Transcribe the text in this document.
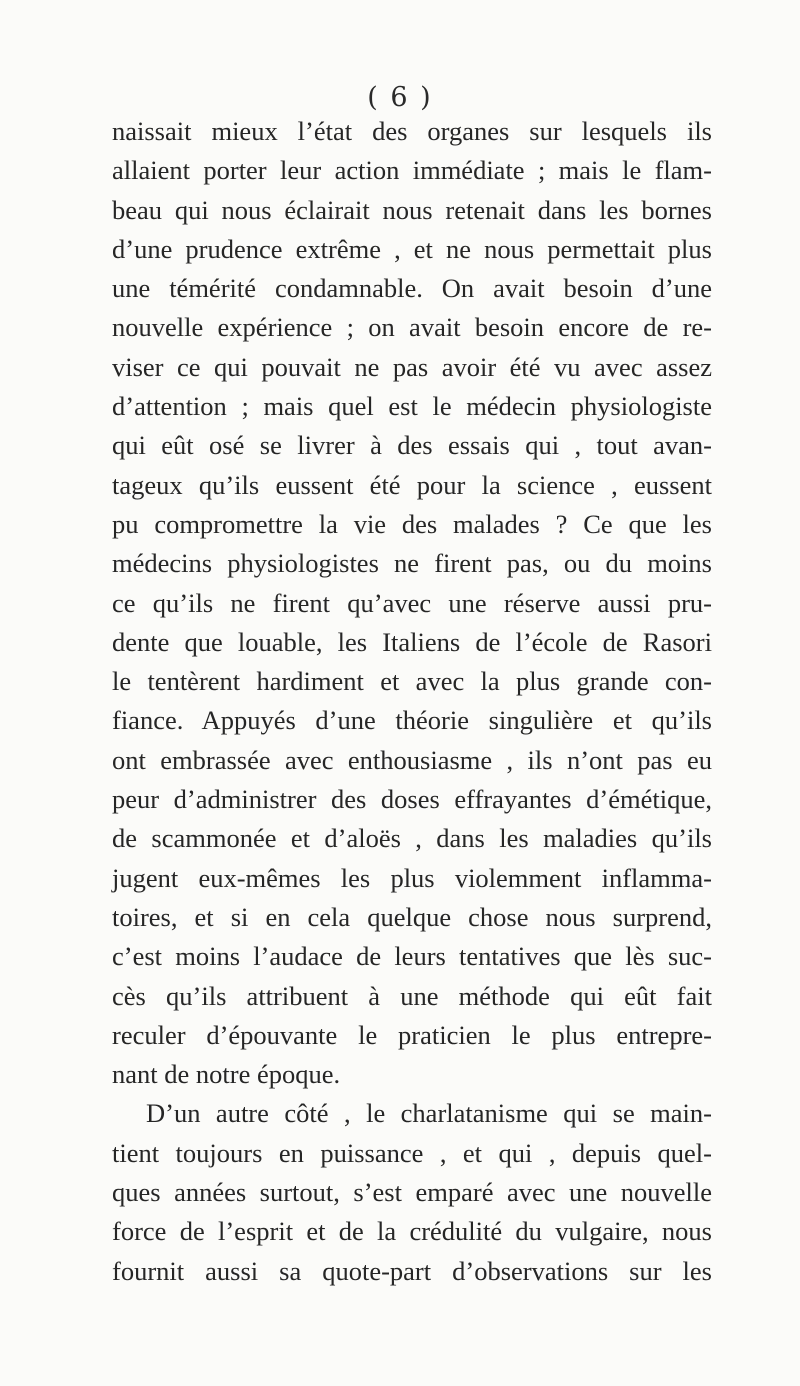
( 6 )
naissait mieux l’état des organes sur lesquels ils
allaient porter leur action immédiate ; mais le flam-
beau qui nous éclairait nous retenait dans les bornes
d’une prudence extrême , et ne nous permettait plus
une témérité condamnable. On avait besoin d’une
nouvelle expérience ; on avait besoin encore de re-
viser ce qui pouvait ne pas avoir été vu avec assez
d’attention ; mais quel est le médecin physiologiste
qui eût osé se livrer à des essais qui , tout avan-
tageux qu’ils eussent été pour la science , eussent
pu compromettre la vie des malades ? Ce que les
médecins physiologistes ne firent pas, ou du moins
ce qu’ils ne firent qu’avec une réserve aussi pru-
dente que louable, les Italiens de l’école de Rasori
le tentèrent hardiment et avec la plus grande con-
fiance. Appuyés d’une théorie singulière et qu’ils
ont embrassée avec enthousiasme , ils n’ont pas eu
peur d’administrer des doses effrayantes d’émétique,
de scammonée et d’aloës , dans les maladies qu’ils
jugent eux-mêmes les plus violemment inflamma-
toires, et si en cela quelque chose nous surprend,
c’est moins l’audace de leurs tentatives que lès suc-
cès qu’ils attribuent à une méthode qui eût fait
reculer d’épouvante le praticien le plus entrepre-
nant de notre époque.
D’un autre côté , le charlatanisme qui se main-
tient toujours en puissance , et qui , depuis quel-
ques années surtout, s’est emparé avec une nouvelle
force de l’esprit et de la crédulité du vulgaire, nous
fournit aussi sa quote-part d’observations sur les
